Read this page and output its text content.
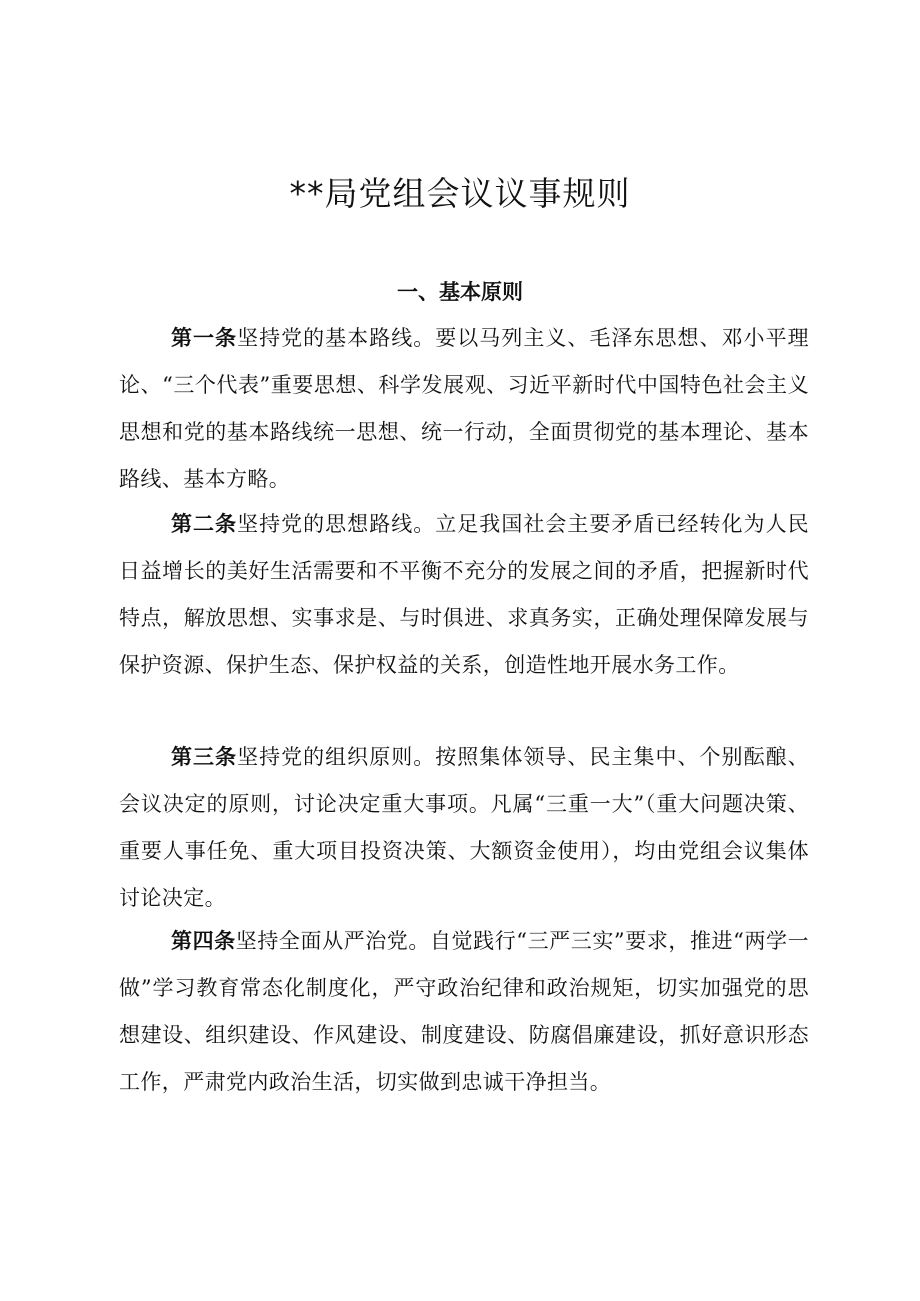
**局党组会议议事规则
一、基本原则

第一条坚持党的基本路线。要以马列主义、毛泽东思想、邓小平理论、“三个代表”重要思想、科学发展观、习近平新时代中国特色社会主义思想和党的基本路线统一思想、统一行动，全面贯彻党的基本理论、基本路线、基本方略。

第二条坚持党的思想路线。立足我国社会主要矛盾已经转化为人民日益增长的美好生活需要和不平衡不充分的发展之间的矛盾，把握新时代特点，解放思想、实事求是、与时俱进、求真务实，正确处理保障发展与保护资源、保护生态、保护权益的关系，创造性地开展水务工作。

第三条坚持党的组织原则。按照集体领导、民主集中、个别酝酿、会议决定的原则，讨论决定重大事项。凡属“三重一大”（重大问题决策、重要人事任免、重大项目投资决策、大额资金使用），均由党组会议集体讨论决定。

第四条坚持全面从严治党。自觉践行“三严三实”要求，推进“两学一做”学习教育常态化制度化，严守政治纪律和政治规矩，切实加强党的思想建设、组织建设、作风建设、制度建设、防腐倡廉建设，抓好意识形态工作，严肃党内政治生活，切实做到忠诚干净担当。
